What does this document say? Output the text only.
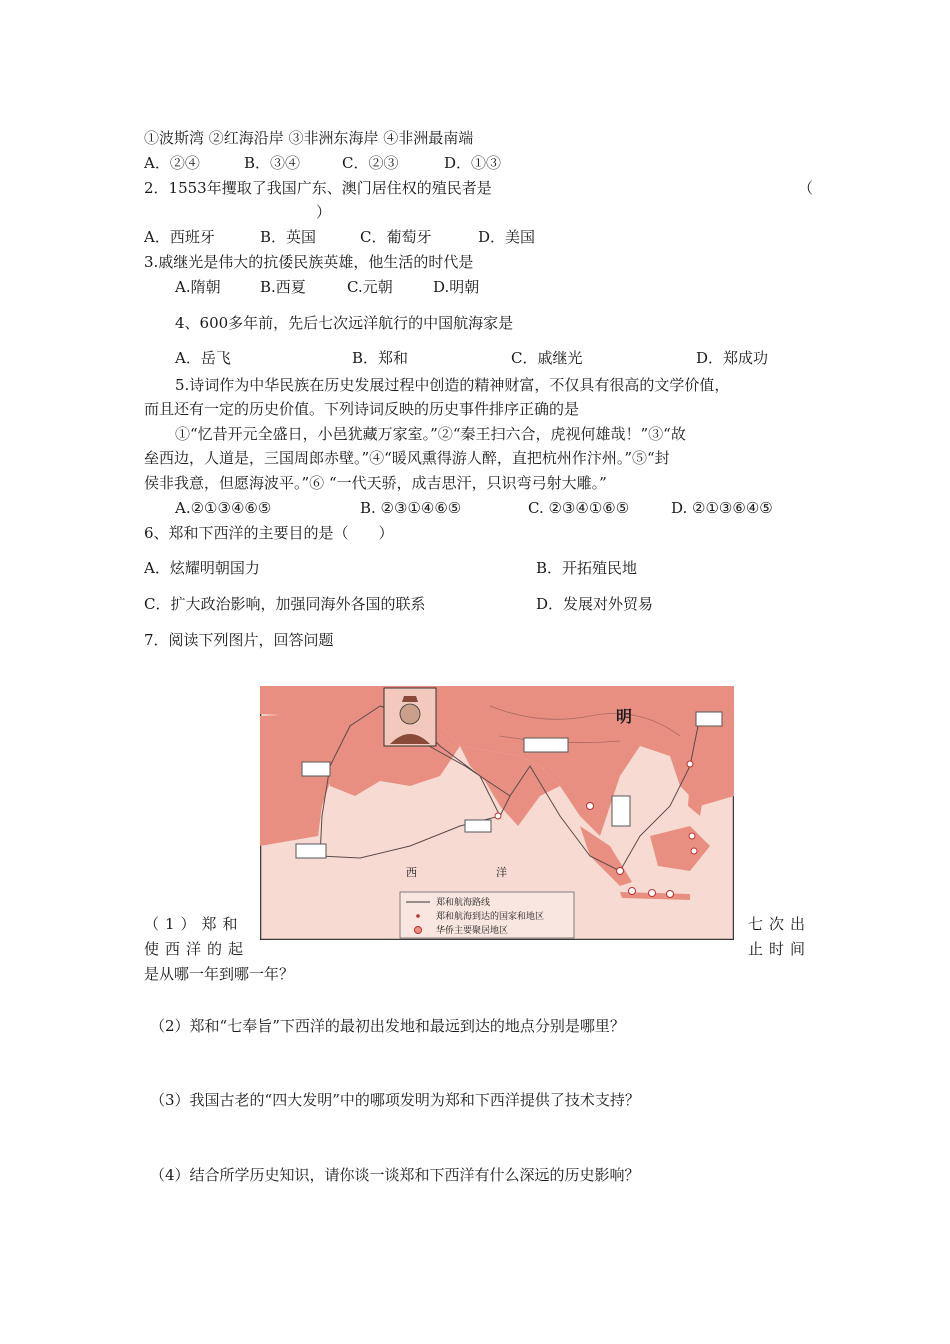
①波斯湾 ②红海沿岸 ③非洲东海岸 ④非洲最南端
A．②④	B．③④	C．②③	D．①③
2．1553年攫取了我国广东、澳门居住权的殖民者是	（
）
A．西班牙	B．英国	C．葡萄牙	D．美国
3.戚继光是伟大的抗倭民族英雄，他生活的时代是
A.隋朝	B.西夏	C.元朝	D.明朝
4、600多年前，先后七次远洋航行的中国航海家是
A．岳飞	B．郑和	C．戚继光	D．郑成功
5.诗词作为中华民族在历史发展过程中创造的精神财富，不仅具有很高的文学价值，
而且还有一定的历史价值。下列诗词反映的历史事件排序正确的是
①“忆昔开元全盛日，小邑犹藏万家室。”②“秦王扫六合，虎视何雄哉！”③“故
垒西边，人道是，三国周郎赤壁。”④“暖风熏得游人醉，直把杭州作汴州。”⑤“封
侯非我意，但愿海波平。”⑥ “一代天骄，成吉思汗，只识弯弓射大雕。”
A.②①③④⑥⑤	B. ②③①④⑥⑤	C. ②③④①⑥⑤	D. ②①③⑥④⑤
6、郑和下西洋的主要目的是（　　）
A．炫耀明朝国力	B．开拓殖民地
C．扩大政治影响，加强同海外各国的联系	D．发展对外贸易
7．阅读下列图片，回答问题
明
西	洋
郑和航海路线
郑和航海到达的国家和地区
华侨主要聚居地区
（1）郑和	七次出
使西洋的起	止时间
是从哪一年到哪一年？
（2）郑和“七奉旨”下西洋的最初出发地和最远到达的地点分别是哪里？
（3）我国古老的“四大发明”中的哪项发明为郑和下西洋提供了技术支持？
（4）结合所学历史知识，请你谈一谈郑和下西洋有什么深远的历史影响？
